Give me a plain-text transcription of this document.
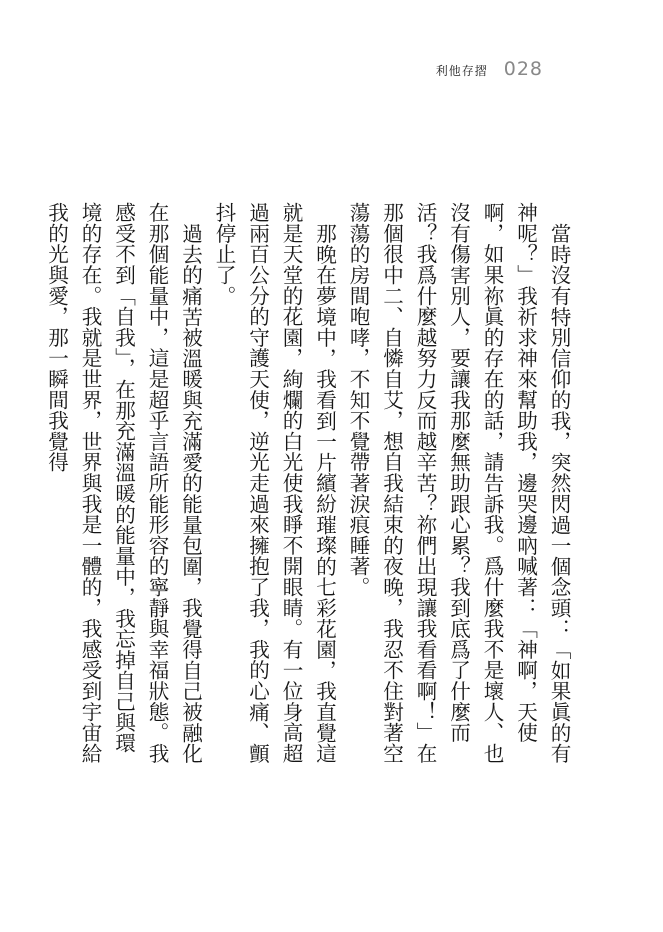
利他存摺 028

當時沒有特別信仰的我，突然閃過一個念頭：「如果眞的有神呢？」我祈求神來幫助我，邊哭邊吶喊著：「神啊，天使啊，如果祢眞的存在的話，請告訴我。爲什麼我不是壞人、也沒有傷害別人，要讓我那麼無助跟心累？我到底爲了什麼而活？我爲什麼越努力反而越辛苦？祢們出現讓我看看啊！」在那個很中二、自憐自艾，想自我結束的夜晚，我忍不住對著空蕩蕩的房間咆哮，不知不覺帶著淚痕睡著。

那晚在夢境中，我看到一片繽紛璀璨的七彩花園，我直覺這就是天堂的花園，絢爛的白光使我睜不開眼睛。有一位身高超過兩百公分的守護天使，逆光走過來擁抱了我，我的心痛、顫抖停止了。

過去的痛苦被溫暖與充滿愛的能量包圍，我覺得自己被融化在那個能量中，這是超乎言語所能形容的寧靜與幸福狀態。我感受不到「自我」，在那充滿溫暖的能量中，我忘掉自己與環境的存在。我就是世界，世界與我是一體的，我感受到宇宙給我的光與愛，那一瞬間我覺得
